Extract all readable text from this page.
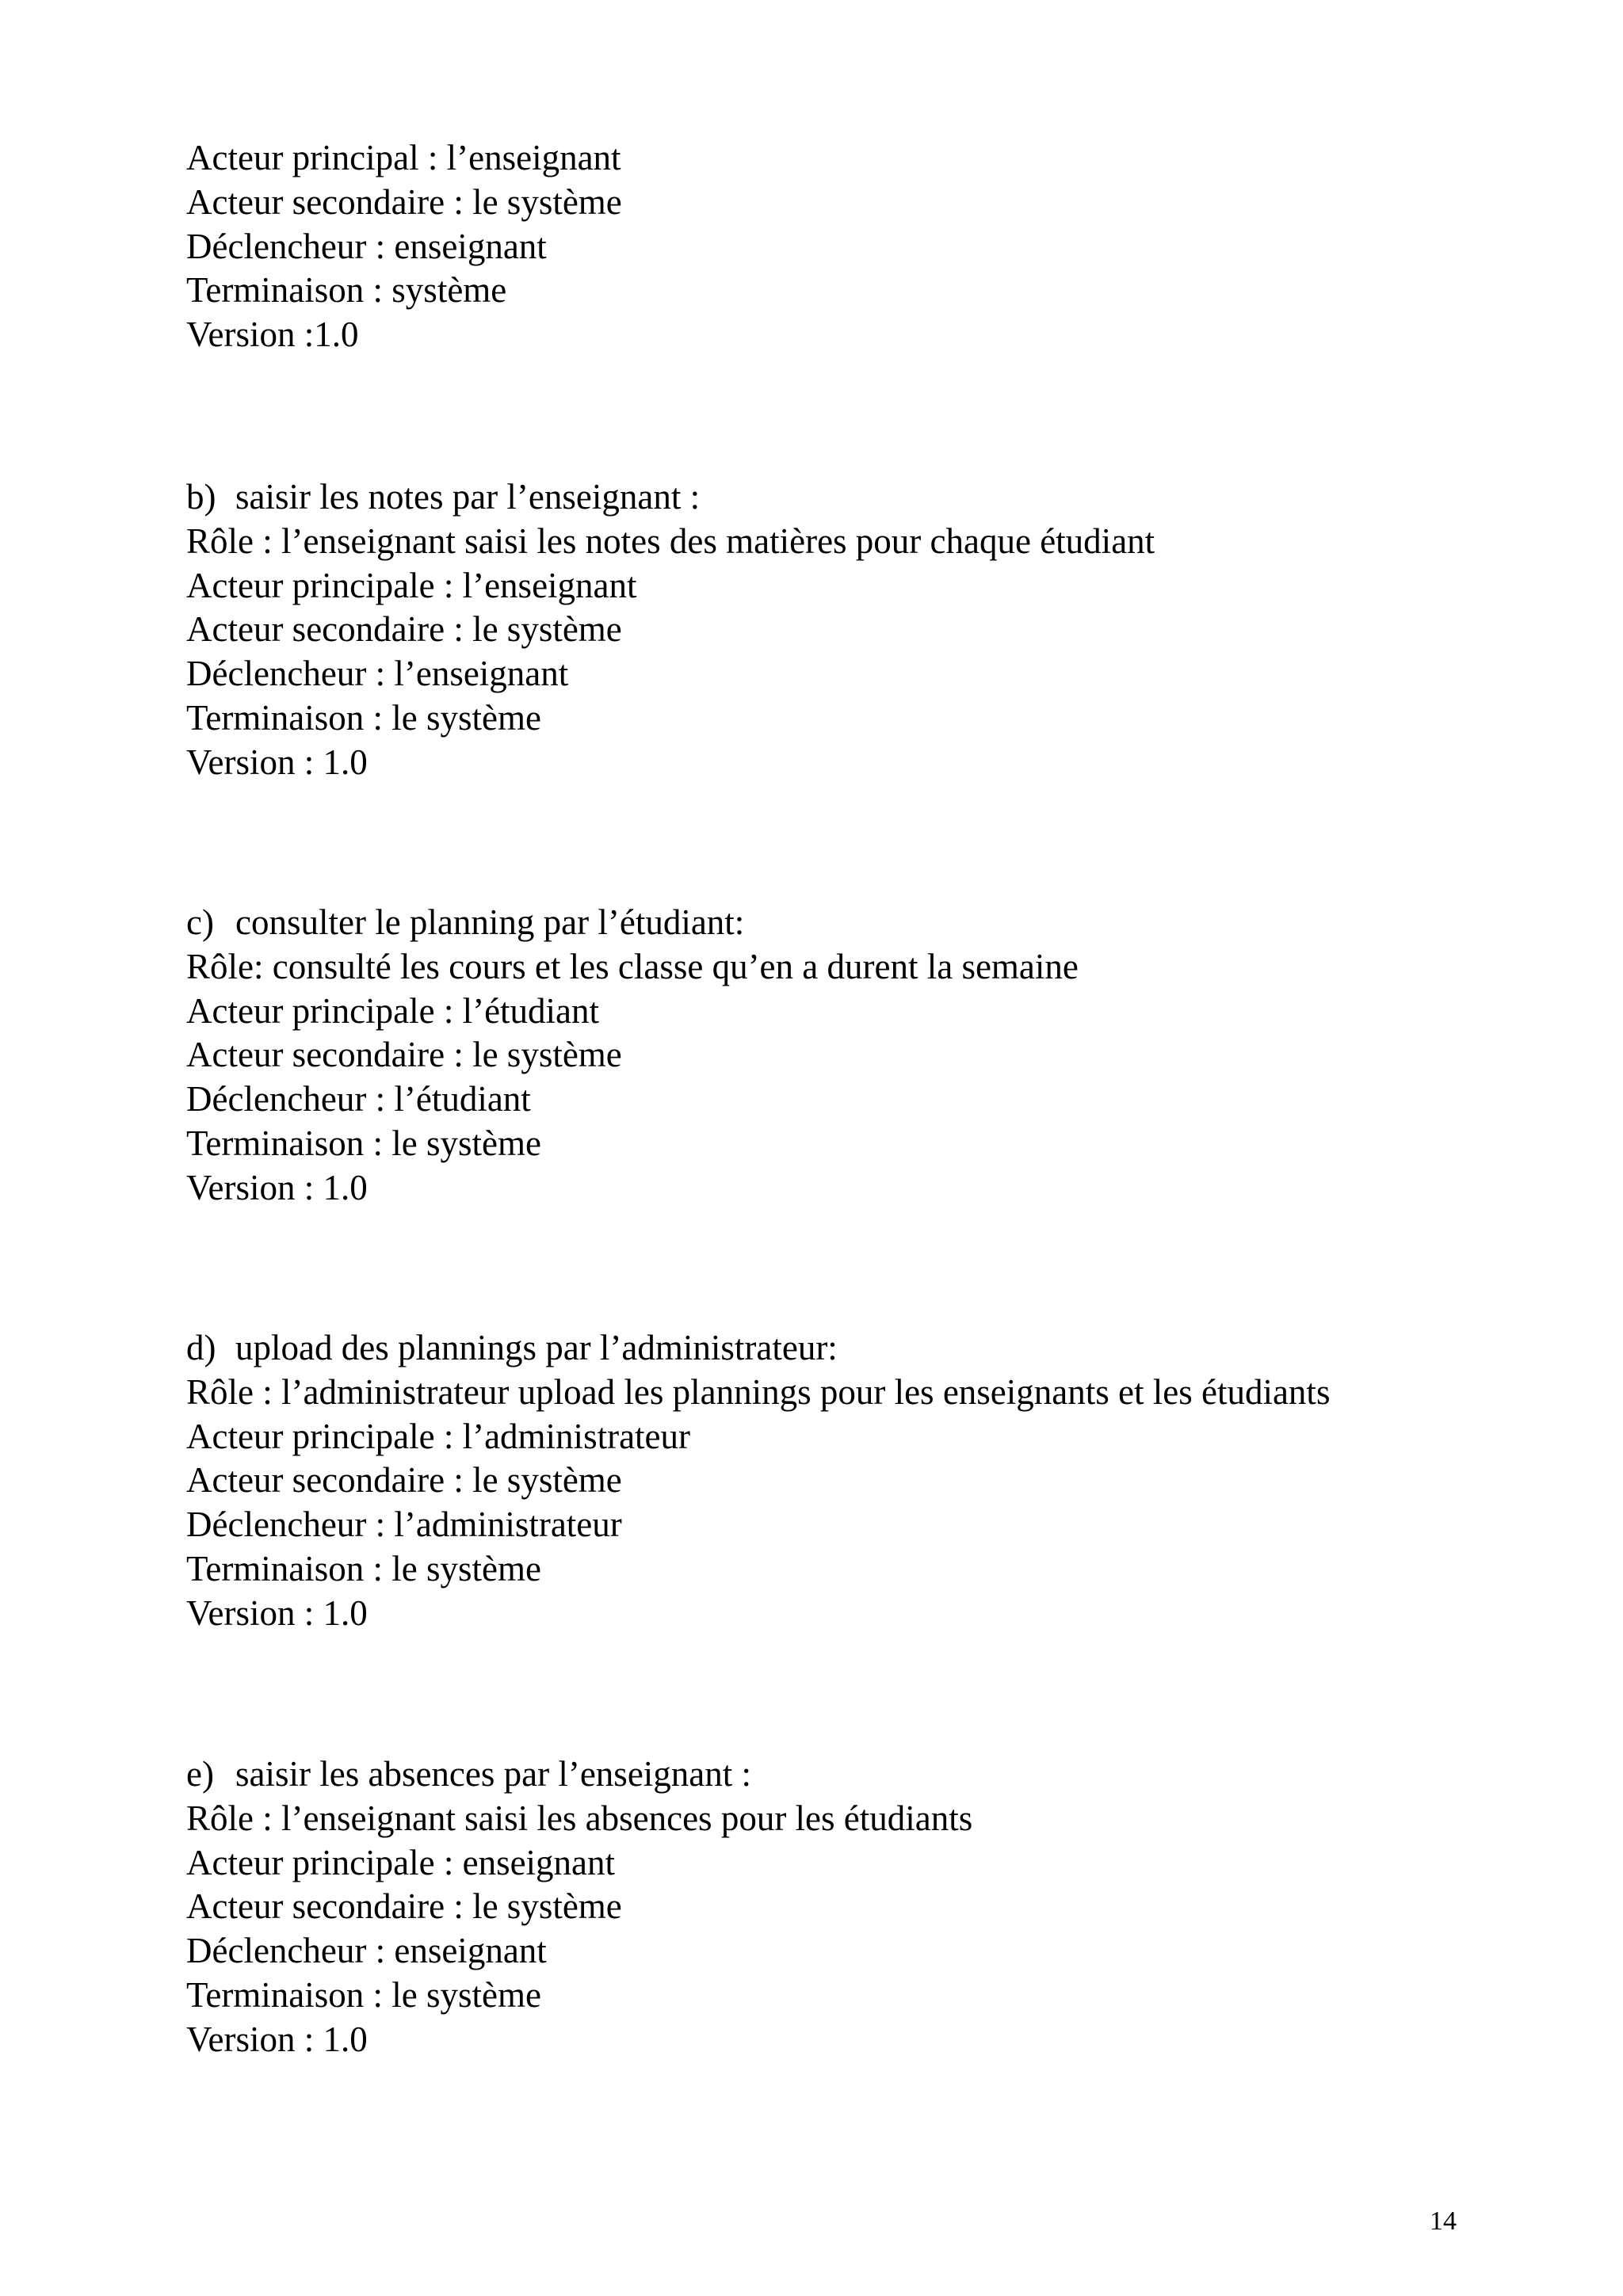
Acteur principal : l’enseignant
Acteur secondaire : le système
Déclencheur : enseignant
Terminaison : système
Version :1.0
b) saisir les notes par l’enseignant :
Rôle : l’enseignant saisi les notes des matières pour chaque étudiant
Acteur principale : l’enseignant
Acteur secondaire : le système
Déclencheur : l’enseignant
Terminaison : le système
Version : 1.0
c) consulter le planning par l’étudiant:
Rôle: consulté les cours et les classe qu’en a durent la semaine
Acteur principale : l’étudiant
Acteur secondaire : le système
Déclencheur : l’étudiant
Terminaison : le système
Version : 1.0
d) upload des plannings par l’administrateur:
Rôle : l’administrateur upload les plannings pour les enseignants et les étudiants
Acteur principale : l’administrateur
Acteur secondaire : le système
Déclencheur : l’administrateur
Terminaison : le système
Version : 1.0
e) saisir les absences par l’enseignant :
Rôle : l’enseignant saisi les absences pour les étudiants
Acteur principale : enseignant
Acteur secondaire : le système
Déclencheur : enseignant
Terminaison : le système
Version : 1.0
14
